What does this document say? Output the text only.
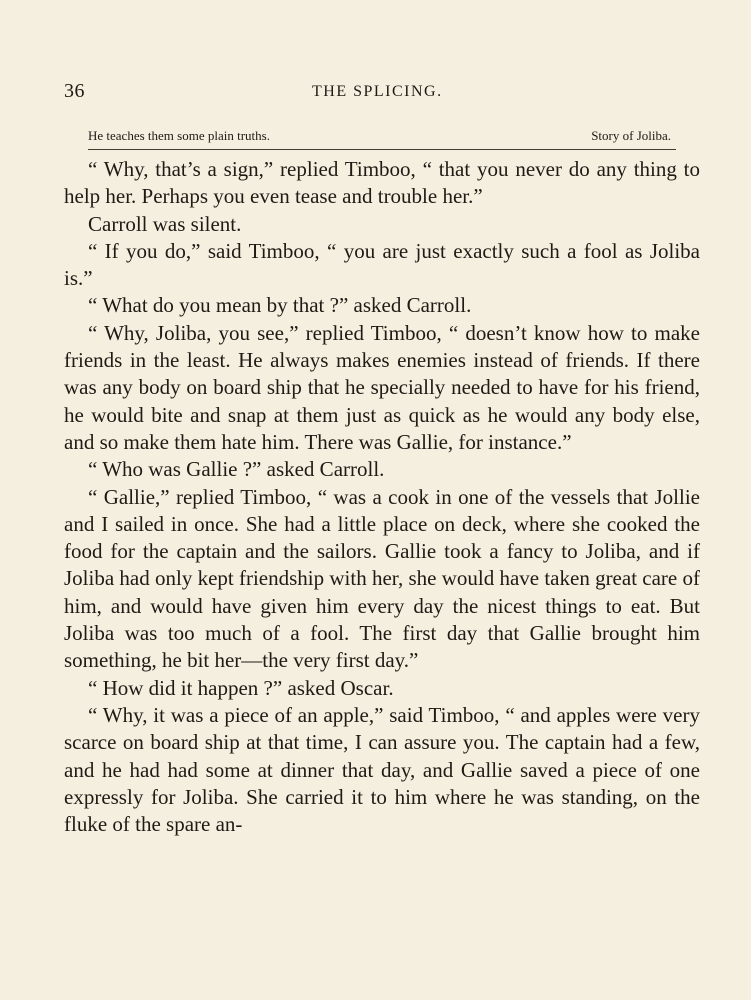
36	THE SPLICING.
He teaches them some plain truths.	Story of Joliba.

“ Why, that’s a sign,” replied Timboo, “ that you never do any thing to help her. Perhaps you even tease and trouble her.”

Carroll was silent.

“ If you do,” said Timboo, “ you are just exactly such a fool as Joliba is.”

“ What do you mean by that ?” asked Carroll.

“ Why, Joliba, you see,” replied Timboo, “ doesn’t know how to make friends in the least. He always makes enemies instead of friends. If there was any body on board ship that he specially needed to have for his friend, he would bite and snap at them just as quick as he would any body else, and so make them hate him. There was Gallie, for instance.”

“ Who was Gallie ?” asked Carroll.

“ Gallie,” replied Timboo, “ was a cook in one of the vessels that Jollie and I sailed in once. She had a little place on deck, where she cooked the food for the captain and the sailors. Gallie took a fancy to Joliba, and if Joliba had only kept friendship with her, she would have taken great care of him, and would have given him every day the nicest things to eat. But Joliba was too much of a fool. The first day that Gallie brought him something, he bit her—the very first day.”

“ How did it happen ?” asked Oscar.

“ Why, it was a piece of an apple,” said Timboo, “ and apples were very scarce on board ship at that time, I can assure you. The captain had a few, and he had had some at dinner that day, and Gallie saved a piece of one expressly for Joliba. She carried it to him where he was standing, on the fluke of the spare an-
